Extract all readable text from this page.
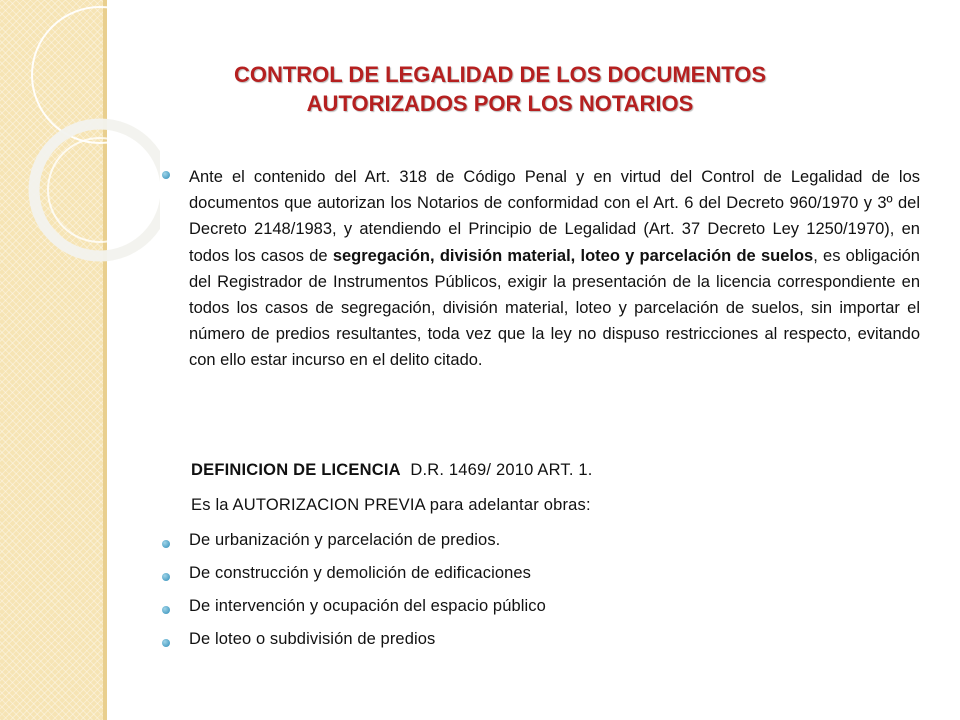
CONTROL DE LEGALIDAD DE LOS DOCUMENTOS
AUTORIZADOS POR LOS NOTARIOS
Ante el contenido del Art. 318 de Código Penal y en virtud del Control de Legalidad de los documentos que autorizan los Notarios de conformidad con el Art. 6 del Decreto 960/1970 y 3º del Decreto 2148/1983, y atendiendo el Principio de Legalidad (Art. 37 Decreto Ley 1250/1970), en todos los casos de segregación, división material, loteo y parcelación de suelos, es obligación del Registrador de Instrumentos Públicos, exigir la presentación de la licencia correspondiente en todos los casos de segregación, división material, loteo y parcelación de suelos, sin importar el número de predios resultantes, toda vez que la ley no dispuso restricciones al respecto, evitando con ello estar incurso en el delito citado.
DEFINICION DE LICENCIA D.R. 1469/ 2010 ART. 1.
Es la AUTORIZACION PREVIA para adelantar obras:
De urbanización y parcelación de predios.
De construcción y demolición de edificaciones
De intervención y ocupación del espacio público
De loteo o subdivisión de predios
